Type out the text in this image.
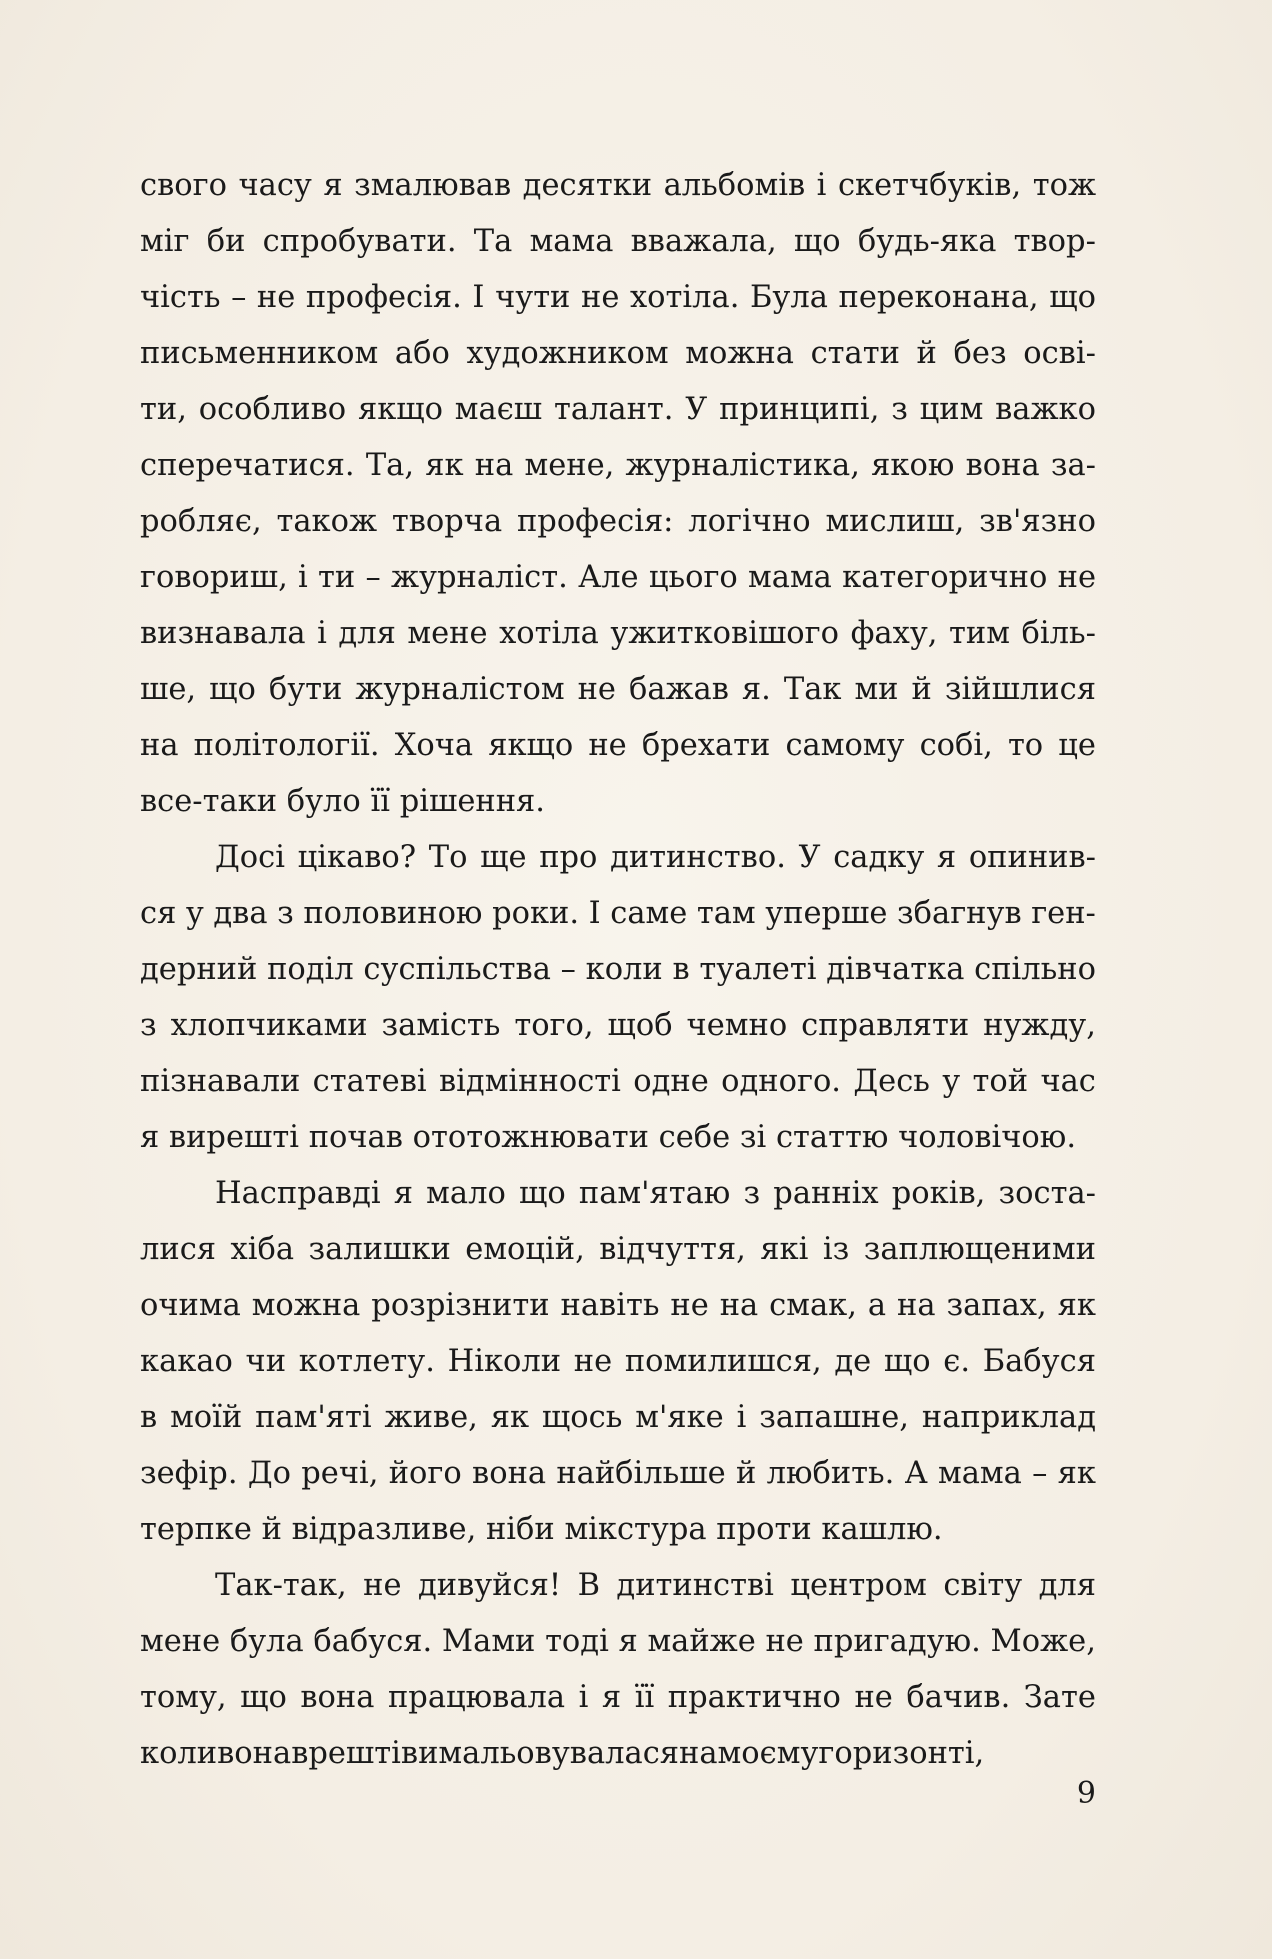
свого часу я змалював десятки альбомів і скетчбуків, тож
міг би спробувати. Та мама вважала, що будь-яка твор-
чість – не професія. І чути не хотіла. Була переконана, що
письменником або художником можна стати й без осві-
ти, особливо якщо маєш талант. У принципі, з цим важко
сперечатися. Та, як на мене, журналістика, якою вона за-
робляє, також творча професія: логічно мислиш, зв'язно
говориш, і ти – журналіст. Але цього мама категорично не
визнавала і для мене хотіла ужитковішого фаху, тим біль-
ше, що бути журналістом не бажав я. Так ми й зійшлися
на політології. Хоча якщо не брехати самому собі, то це
все-таки було її рішення.
Досі цікаво? То ще про дитинство. У садку я опинив-
ся у два з половиною роки. І саме там уперше збагнув ген-
дерний поділ суспільства – коли в туалеті дівчатка спільно
з хлопчиками замість того, щоб чемно справляти нужду,
пізнавали статеві відмінності одне одного. Десь у той час
я вирешті почав ототожнювати себе зі статтю чоловічою.
Насправді я мало що пам'ятаю з ранніх років, зоста-
лися хіба залишки емоцій, відчуття, які із заплющеними
очима можна розрізнити навіть не на смак, а на запах, як
какао чи котлету. Ніколи не помилишся, де що є. Бабуся
в моїй пам'яті живе, як щось м'яке і запашне, наприклад
зефір. До речі, його вона найбільше й любить. А мама – як
терпке й відразливе, ніби мікстура проти кашлю.
Так-так, не дивуйся! В дитинстві центром світу для
мене була бабуся. Мами тоді я майже не пригадую. Може,
тому, що вона працювала і я її практично не бачив. Зате
коливонаврештівимальовуваласянамоємугоризонті,
9
